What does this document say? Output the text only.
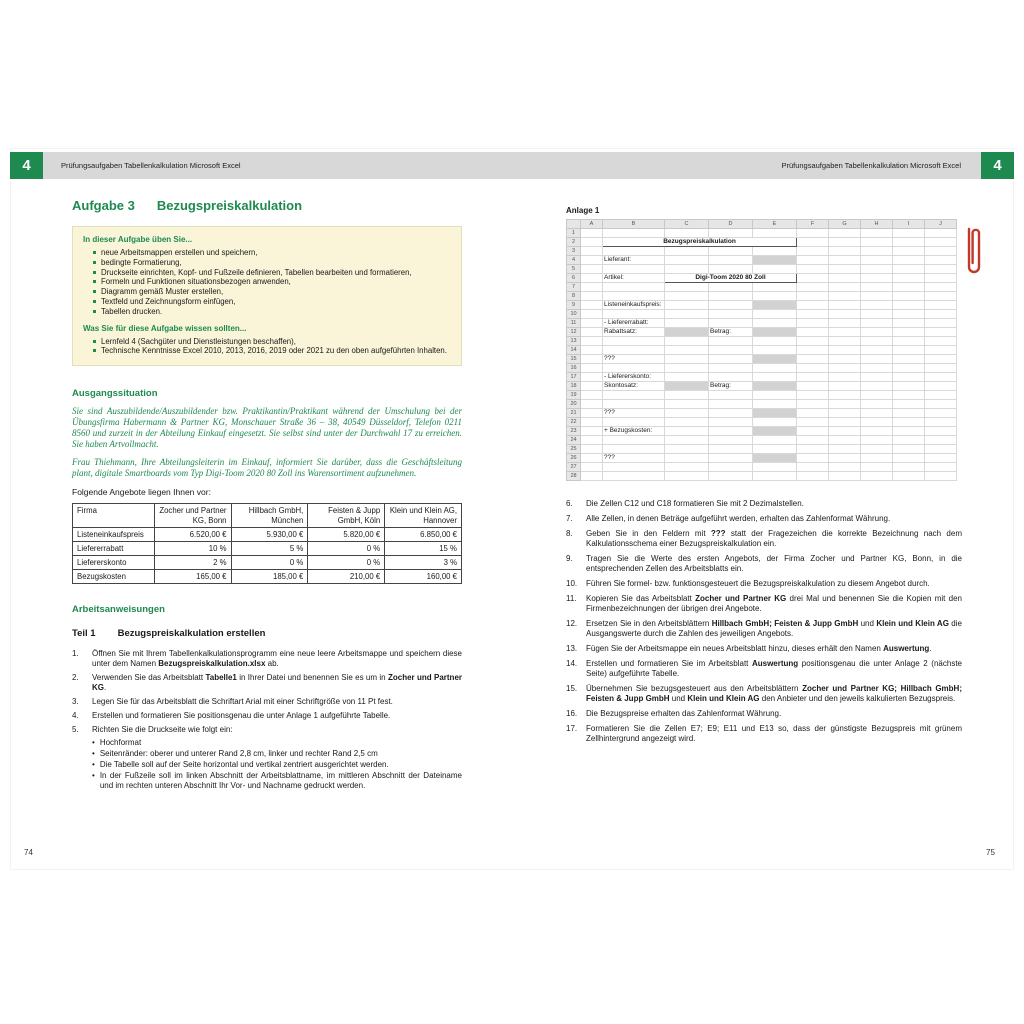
4	Prüfungsaufgaben Tabellenkalkulation Microsoft Excel	Prüfungsaufgaben Tabellenkalkulation Microsoft Excel	4
Aufgabe 3 Bezugspreiskalkulation
In dieser Aufgabe üben Sie...
neue Arbeitsmappen erstellen und speichern,
bedingte Formatierung,
Druckseite einrichten, Kopf- und Fußzeile definieren, Tabellen bearbeiten und formatieren,
Formeln und Funktionen situationsbezogen anwenden,
Diagramm gemäß Muster erstellen,
Textfeld und Zeichnungsform einfügen,
Tabellen drucken.
Was Sie für diese Aufgabe wissen sollten...
Lernfeld 4 (Sachgüter und Dienstleistungen beschaffen),
Technische Kenntnisse Excel 2010, 2013, 2016, 2019 oder 2021 zu den oben aufgeführten Inhalten.
Ausgangssituation
Sie sind Auszubildende/Auszubildender bzw. Praktikantin/Praktikant während der Umschulung bei der Übungsfirma Habermann & Partner KG, Monschauer Straße 36 – 38, 40549 Düsseldorf, Telefon 0211 8560 und zurzeit in der Abteilung Einkauf eingesetzt. Sie selbst sind unter der Durchwahl 17 zu erreichen. Sie haben Artvollmacht.
Frau Thiehmann, Ihre Abteilungsleiterin im Einkauf, informiert Sie darüber, dass die Geschäftsleitung plant, digitale Smartboards vom Typ Digi-Toom 2020 80 Zoll ins Warensortiment aufzunehmen.
Folgende Angebote liegen Ihnen vor:
Firma	Zocher und Partner KG, Bonn	Hillbach GmbH, München	Feisten & Jupp GmbH, Köln	Klein und Klein AG, Hannover
Listeneinkaufspreis	6.520,00 €	5.930,00 €	5.820,00 €	6.850,00 €
Liefererrabatt	10 %	5 %	0 %	15 %
Liefererskonto	2 %	0 %	0 %	3 %
Bezugskosten	165,00 €	185,00 €	210,00 €	160,00 €
Arbeitsanweisungen
Teil 1 Bezugspreiskalkulation erstellen
1.	Öffnen Sie mit Ihrem Tabellenkalkulationsprogramm eine neue leere Arbeitsmappe und speichern diese unter dem Namen Bezugspreiskalkulation.xlsx ab.
2.	Verwenden Sie das Arbeitsblatt Tabelle1 in Ihrer Datei und benennen Sie es um in Zocher und Partner KG.
3.	Legen Sie für das Arbeitsblatt die Schriftart Arial mit einer Schriftgröße von 11 Pt fest.
4.	Erstellen und formatieren Sie positionsgenau die unter Anlage 1 aufgeführte Tabelle.
5.	Richten Sie die Druckseite wie folgt ein:
• Hochformat
• Seitenränder: oberer und unterer Rand 2,8 cm, linker und rechter Rand 2,5 cm
• Die Tabelle soll auf der Seite horizontal und vertikal zentriert ausgerichtet werden.
• In der Fußzeile soll im linken Abschnitt der Arbeitsblattname, im mittleren Abschnitt der Dateiname und im rechten unteren Abschnitt Ihr Vor- und Nachname gedruckt werden.
Anlage 1
	A	B	C	D	E	F	G	H	I	J
1										
2		Bezugspreiskalkulation								
3										
4		Lieferant:								
5										
6		Artikel:	Digi-Toom 2020 80 Zoll							
7										
8										
9		Listeneinkaufspreis:								
10										
11		- Liefererrabatt:								
12		Rabattsatz:		Betrag:						
13										
14										
15		???								
16										
17		- Liefererskonto:								
18		Skontosatz:		Betrag:						
19										
20										
21		???								
22										
23		+ Bezugskosten:								
24										
25										
26		???								
27										
28										
6.	Die Zellen C12 und C18 formatieren Sie mit 2 Dezimalstellen.
7.	Alle Zellen, in denen Beträge aufgeführt werden, erhalten das Zahlenformat Währung.
8.	Geben Sie in den Feldern mit ??? statt der Fragezeichen die korrekte Bezeichnung nach dem Kalkulationsschema einer Bezugspreiskalkulation ein.
9.	Tragen Sie die Werte des ersten Angebots, der Firma Zocher und Partner KG, Bonn, in die entsprechenden Zellen des Arbeitsblatts ein.
10.	Führen Sie formel- bzw. funktionsgesteuert die Bezugspreiskalkulation zu diesem Angebot durch.
11.	Kopieren Sie das Arbeitsblatt Zocher und Partner KG drei Mal und benennen Sie die Kopien mit den Firmenbezeichnungen der übrigen drei Angebote.
12.	Ersetzen Sie in den Arbeitsblättern Hillbach GmbH; Feisten & Jupp GmbH und Klein und Klein AG die Ausgangswerte durch die Zahlen des jeweiligen Angebots.
13.	Fügen Sie der Arbeitsmappe ein neues Arbeitsblatt hinzu, dieses erhält den Namen Auswertung.
14.	Erstellen und formatieren Sie im Arbeitsblatt Auswertung positionsgenau die unter Anlage 2 (nächste Seite) aufgeführte Tabelle.
15.	Übernehmen Sie bezugsgesteuert aus den Arbeitsblättern Zocher und Partner KG; Hillbach GmbH; Feisten & Jupp GmbH und Klein und Klein AG den Anbieter und den jeweils kalkulierten Bezugspreis.
16.	Die Bezugspreise erhalten das Zahlenformat Währung.
17.	Formatieren Sie die Zellen E7; E9; E11 und E13 so, dass der günstigste Bezugspreis mit grünem Zellhintergrund angezeigt wird.
74	75
